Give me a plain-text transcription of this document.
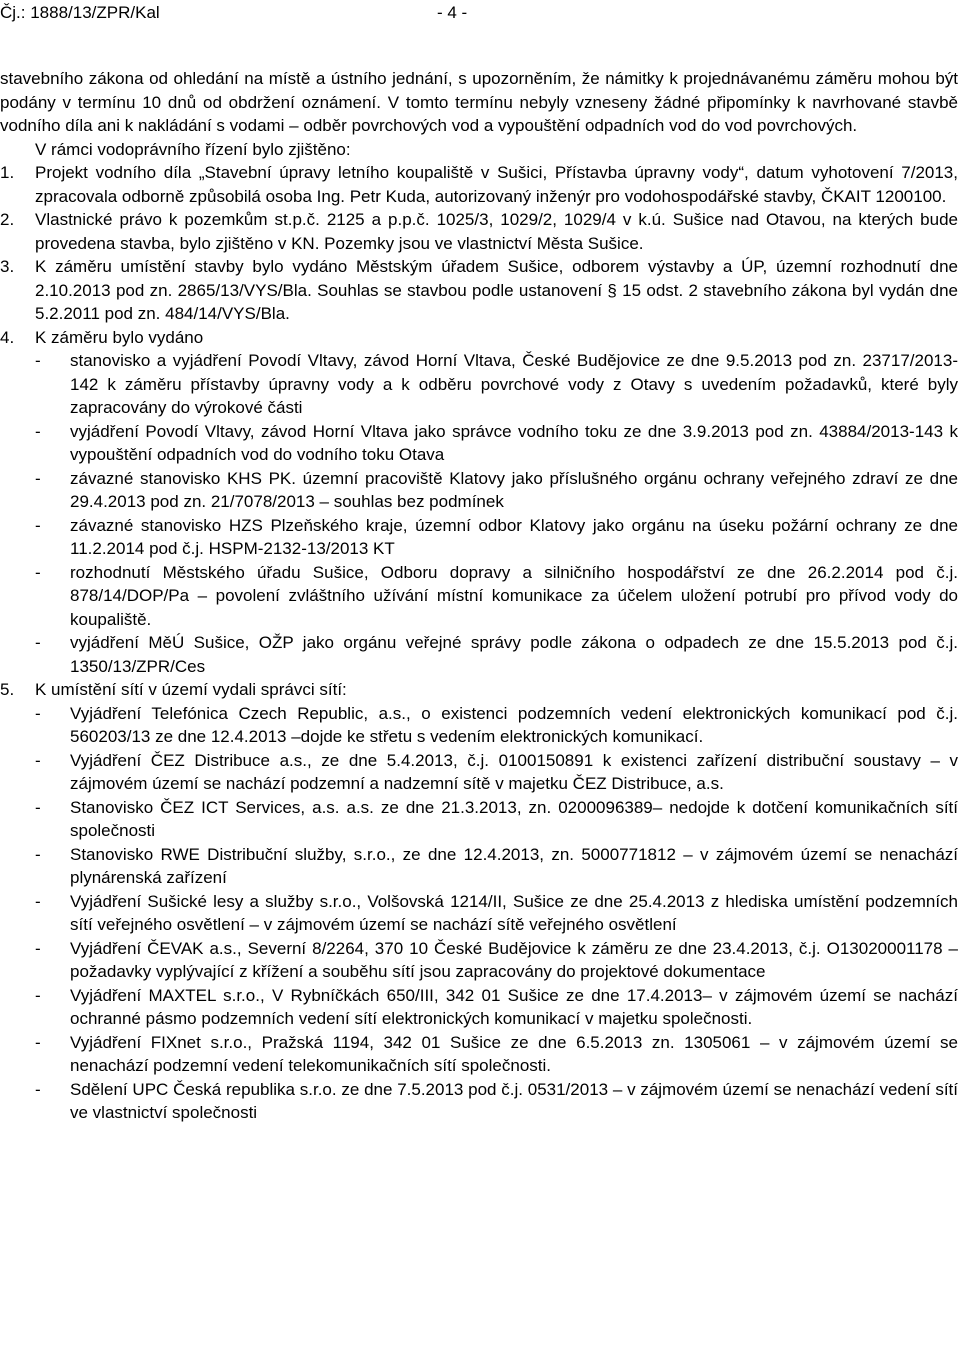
Čj.: 1888/13/ZPR/Kal	- 4 -

stavebního zákona od ohledání na místě a ústního jednání, s upozorněním, že námitky k projednávanému záměru mohou být podány v termínu 10 dnů od obdržení oznámení. V tomto termínu nebyly vzneseny žádné připomínky k navrhované stavbě vodního díla ani k nakládání s vodami – odběr povrchových vod a vypouštění odpadních vod do vod povrchových.

V rámci vodoprávního řízení bylo zjištěno:

1.	Projekt vodního díla „Stavební úpravy letního koupaliště v Sušici, Přístavba úpravny vody“, datum vyhotovení 7/2013, zpracovala odborně způsobilá osoba Ing. Petr Kuda, autorizovaný inženýr pro vodohospodářské stavby, ČKAIT 1200100.
2.	Vlastnické právo k pozemkům st.p.č. 2125 a p.p.č. 1025/3, 1029/2, 1029/4 v k.ú. Sušice nad Otavou, na kterých bude provedena stavba, bylo zjištěno v KN. Pozemky jsou ve vlastnictví Města Sušice.
3.	K záměru umístění stavby bylo vydáno Městským úřadem Sušice, odborem výstavby a ÚP, územní rozhodnutí dne 2.10.2013 pod zn. 2865/13/VYS/Bla. Souhlas se stavbou podle ustanovení § 15 odst. 2 stavebního zákona byl vydán dne 5.2.2011 pod zn. 484/14/VYS/Bla.
4.	K záměru bylo vydáno
-	stanovisko a vyjádření Povodí Vltavy, závod Horní Vltava, České Budějovice ze dne 9.5.2013 pod zn. 23717/2013-142 k záměru přístavby úpravny vody a k odběru povrchové vody z Otavy s uvedením požadavků, které byly zapracovány do výrokové části
-	vyjádření Povodí Vltavy, závod Horní Vltava jako správce vodního toku ze dne 3.9.2013 pod zn. 43884/2013-143 k vypouštění odpadních vod do vodního toku Otava
-	závazné stanovisko KHS PK. územní pracoviště Klatovy jako příslušného orgánu ochrany veřejného zdraví ze dne 29.4.2013 pod zn. 21/7078/2013 – souhlas bez podmínek
-	závazné stanovisko HZS Plzeňského kraje, územní odbor Klatovy jako orgánu na úseku požární ochrany ze dne 11.2.2014 pod č.j. HSPM-2132-13/2013 KT
-	rozhodnutí Městského úřadu Sušice, Odboru dopravy a silničního hospodářství ze dne 26.2.2014 pod č.j. 878/14/DOP/Pa – povolení zvláštního užívání místní komunikace za účelem uložení potrubí pro přívod vody do koupaliště.
-	vyjádření MěÚ Sušice, OŽP jako orgánu veřejné správy podle zákona o odpadech ze dne 15.5.2013 pod č.j. 1350/13/ZPR/Ces
5.	K umístění sítí v území vydali správci sítí:
-	Vyjádření Telefónica Czech Republic, a.s., o existenci podzemních vedení elektronických komunikací pod č.j. 560203/13 ze dne 12.4.2013 –dojde ke střetu s vedením elektronických komunikací.
-	Vyjádření ČEZ Distribuce a.s., ze dne 5.4.2013, č.j. 0100150891 k existenci zařízení distribuční soustavy – v zájmovém území se nachází podzemní a nadzemní sítě v majetku ČEZ Distribuce, a.s.
-	Stanovisko ČEZ ICT Services, a.s. a.s. ze dne 21.3.2013, zn. 0200096389– nedojde k dotčení komunikačních sítí společnosti
-	Stanovisko RWE Distribuční služby, s.r.o., ze dne 12.4.2013, zn. 5000771812 – v zájmovém území se nenachází plynárenská zařízení
-	Vyjádření Sušické lesy a služby s.r.o., Volšovská 1214/II, Sušice ze dne 25.4.2013 z hlediska umístění podzemních sítí veřejného osvětlení – v zájmovém území se nachází sítě veřejného osvětlení
-	Vyjádření ČEVAK a.s., Severní 8/2264, 370 10 České Budějovice k záměru ze dne 23.4.2013, č.j. O13020001178 – požadavky vyplývající z křížení a souběhu sítí jsou zapracovány do projektové dokumentace
-	Vyjádření MAXTEL s.r.o., V Rybníčkách 650/III, 342 01 Sušice ze dne 17.4.2013– v zájmovém území se nachází ochranné pásmo podzemních vedení sítí elektronických komunikací v majetku společnosti.
-	Vyjádření FIXnet s.r.o., Pražská 1194, 342 01 Sušice ze dne 6.5.2013 zn. 1305061 – v zájmovém území se nenachází podzemní vedení telekomunikačních sítí společnosti.
-	Sdělení UPC Česká republika s.r.o. ze dne 7.5.2013 pod č.j. 0531/2013 – v zájmovém území se nenachází vedení sítí ve vlastnictví společnosti
